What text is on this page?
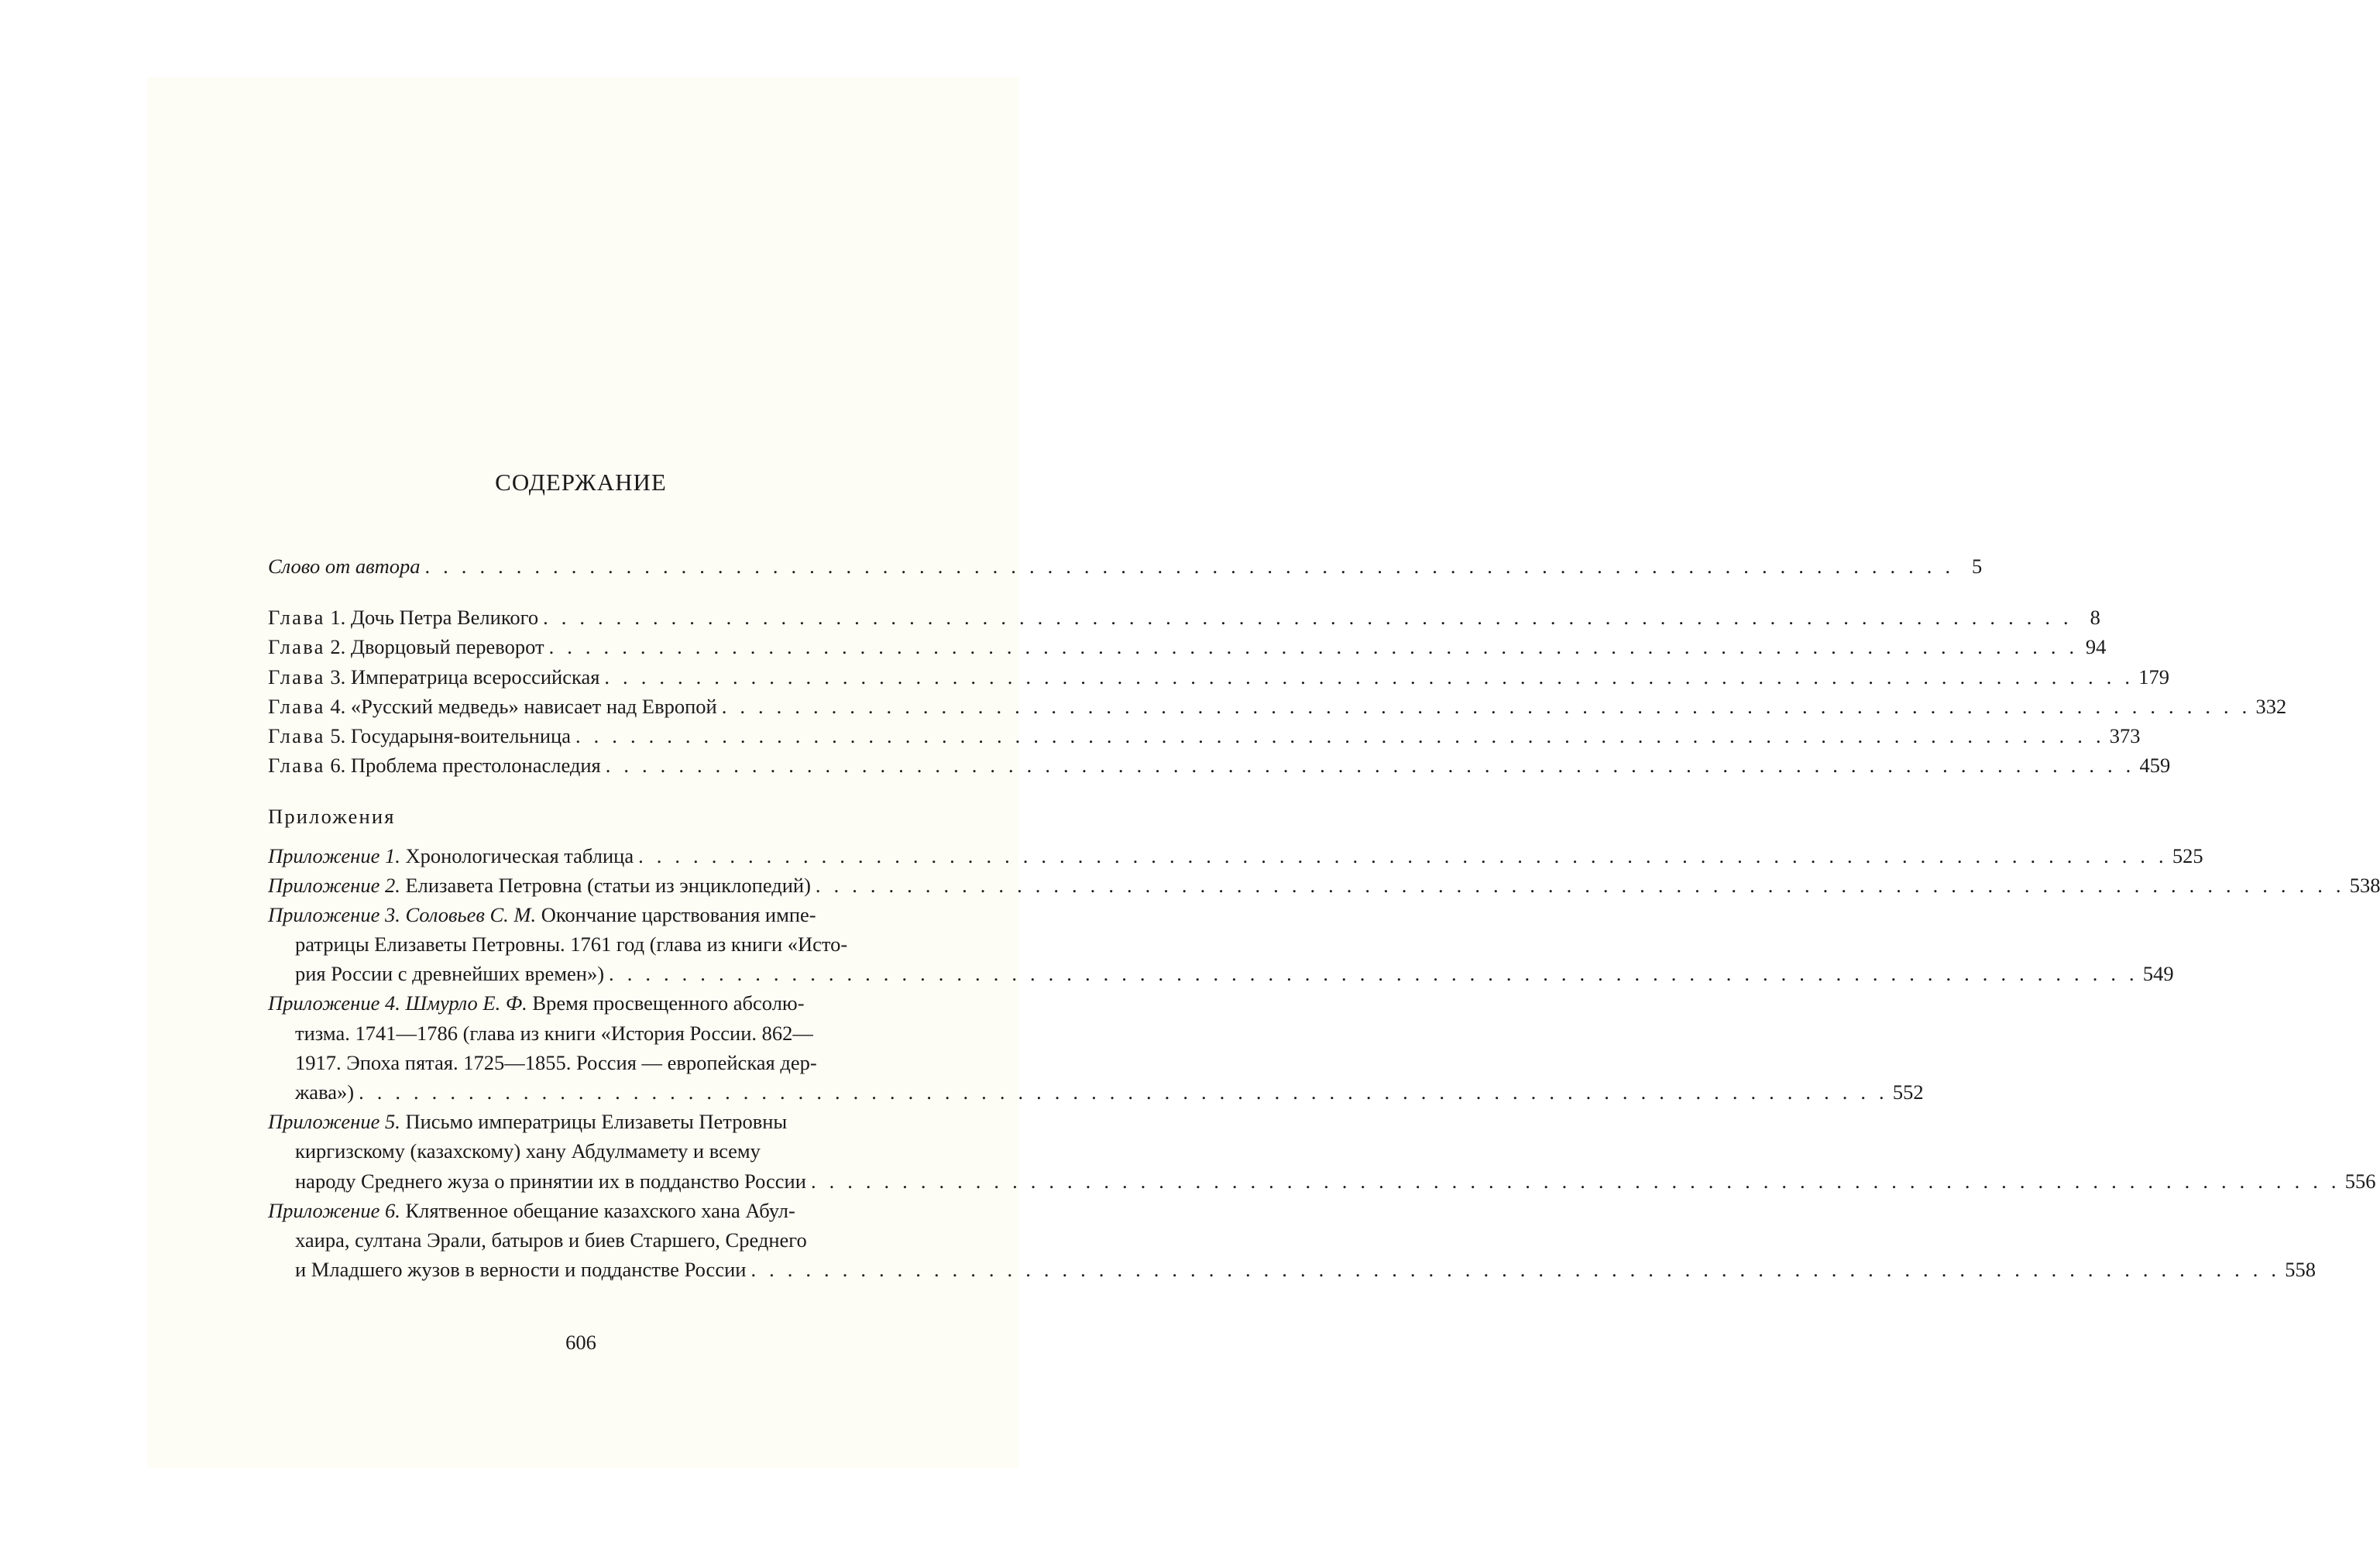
СОДЕРЖАНИЕ
Слово от автора . . . . . . . . . . . . . . . . . . . . . . . . . . . . . . . . . . . . . . . . . . . . . . . . . . . . . . . . . . . . . . . . . . . . . . . . . . . . . . . . . . . . 5
Глава 1. Дочь Петра Великого . . . . . . . . . . . . . . . . . . . . . . . . . . . . . . . . . . . . . . . . . . . . . . . . . . . . . . . . . . . . . . . . . . . . . . . . . . . . . . . . . . . . 8
Глава 2. Дворцовый переворот . . . . . . . . . . . . . . . . . . . . . . . . . . . . . . . . . . . . . . . . . . . . . . . . . . . . . . . . . . . . . . . . . . . . . . . . . . . . . . . . . . . . 94
Глава 3. Императрица всероссийская . . . . . . . . . . . . . . . . . . . . . . . . . . . . . . . . . . . . . . . . . . . . . . . . . . . . . . . . . . . . . . . . . . . . . . . . . . . . . . . . . . . . 179
Глава 4. «Русский медведь» нависает над Европой . . . . . . . . . . . . . . . . . . . . . . . . . . . . . . . . . . . . . . . . . . . . . . . . . . . . . . . . . . . . . . . . . . . . . . . . . . . . . . . . . . . . 332
Глава 5. Государыня-воительница . . . . . . . . . . . . . . . . . . . . . . . . . . . . . . . . . . . . . . . . . . . . . . . . . . . . . . . . . . . . . . . . . . . . . . . . . . . . . . . . . . . . 373
Глава 6. Проблема престолонаследия . . . . . . . . . . . . . . . . . . . . . . . . . . . . . . . . . . . . . . . . . . . . . . . . . . . . . . . . . . . . . . . . . . . . . . . . . . . . . . . . . . . . 459
Приложения
Приложение 1. Хронологическая таблица . . . . . . . . . . . . . . . . . . . . . . . . . . . . . . . . . . . . . . . . . . . . . . . . . . . . . . . . . . . . . . . . . . . . . . . . . . . . . . . . . . . . 525
Приложение 2. Елизавета Петровна (статьи из энциклопедий) . . . . . . . . . . . . . . . . . . . . . . . . . . . . . . . . . . . . . . . . . . . . . . . . . . . . . . . . . . . . . . . . . . . . . . . . . . . . . . . . . . . . 538
Приложение 3. Соловьев С. М. Окончание царствования импе-
ратрицы Елизаветы Петровны. 1761 год (глава из книги «Исто-
рия России с древнейших времен») . . . . . . . . . . . . . . . . . . . . . . . . . . . . . . . . . . . . . . . . . . . . . . . . . . . . . . . . . . . . . . . . . . . . . . . . . . . . . . . . . . . . 549
Приложение 4. Шмурло Е. Ф. Время просвещенного абсолю-
тизма. 1741—1786 (глава из книги «История России. 862—
1917. Эпоха пятая. 1725—1855. Россия — европейская дер-
жава») . . . . . . . . . . . . . . . . . . . . . . . . . . . . . . . . . . . . . . . . . . . . . . . . . . . . . . . . . . . . . . . . . . . . . . . . . . . . . . . . . . . . 552
Приложение 5. Письмо императрицы Елизаветы Петровны
киргизскому (казахскому) хану Абдулмамету и всему
народу Среднего жуза о принятии их в подданство России . . . . . . . . . . . . . . . . . . . . . . . . . . . . . . . . . . . . . . . . . . . . . . . . . . . . . . . . . . . . . . . . . . . . . . . . . . . . . . . . . . . . 556
Приложение 6. Клятвенное обещание казахского хана Абул-
хаира, султана Эрали, батыров и биев Старшего, Среднего
и Младшего жузов в верности и подданстве России . . . . . . . . . . . . . . . . . . . . . . . . . . . . . . . . . . . . . . . . . . . . . . . . . . . . . . . . . . . . . . . . . . . . . . . . . . . . . . . . . . . . 558
606
